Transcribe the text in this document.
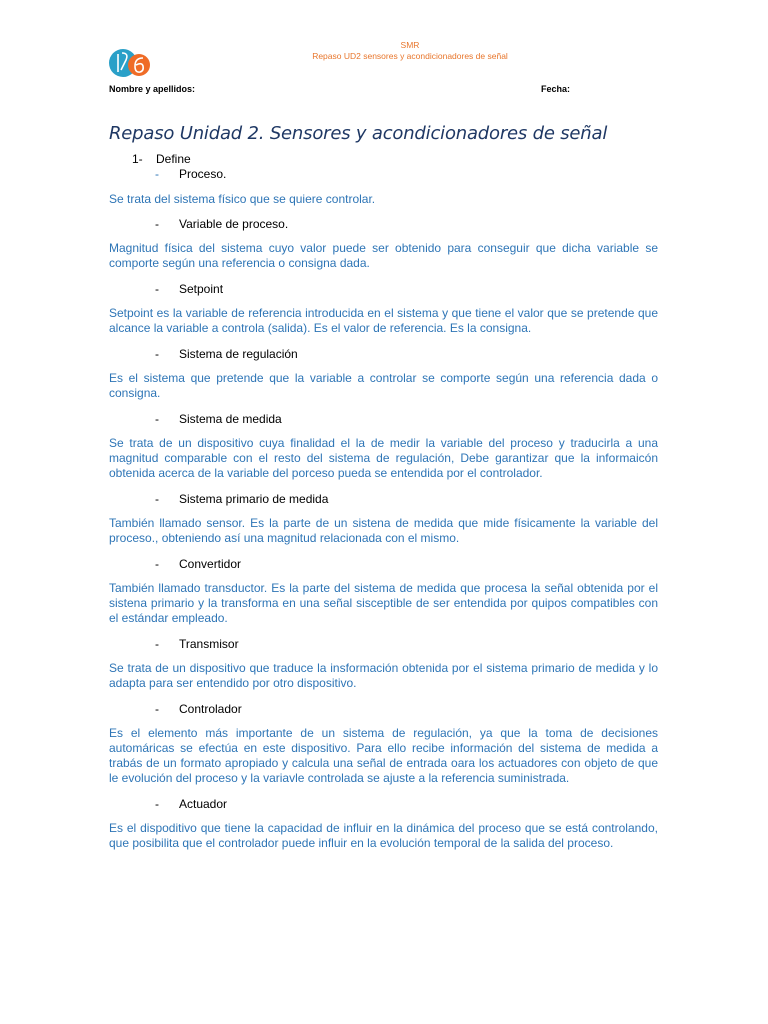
SMR
Repaso UD2 sensores y acondicionadores de señal
Nombre y apellidos:	Fecha:
Repaso Unidad 2. Sensores y acondicionadores de señal
1- Define
- Proceso.
Se trata del sistema físico que se quiere controlar.
- Variable de proceso.
Magnitud física del sistema cuyo valor puede ser obtenido para conseguir que dicha variable se comporte según una referencia o consigna dada.
- Setpoint
Setpoint es la variable de referencia introducida en el sistema y que tiene el valor que se pretende que alcance la variable a controla (salida). Es el valor de referencia. Es la consigna.
- Sistema de regulación
Es el sistema que pretende que la variable a controlar se comporte según una referencia dada o consigna.
- Sistema de medida
Se trata de un dispositivo cuya finalidad el la de medir la variable del proceso y traducirla a una magnitud comparable con el resto del sistema de regulación, Debe garantizar que la informaicón obtenida acerca de la variable del porceso pueda se entendida por el controlador.
- Sistema primario de medida
También llamado sensor. Es la parte de un sistena de medida que mide físicamente la variable del proceso., obteniendo así una magnitud relacionada con el mismo.
- Convertidor
También llamado transductor. Es la parte del sistema de medida que procesa la señal obtenida por el sistena primario y la transforma en una señal sisceptible de ser entendida por quipos compatibles con el estándar empleado.
- Transmisor
Se trata de un dispositivo que traduce la insformación obtenida por el sistema primario de medida y lo adapta para ser entendido por otro dispositivo.
- Controlador
Es el elemento más importante de un sistema de regulación, ya que la toma de decisiones automáricas se efectúa en este dispositivo. Para ello recibe información del sistema de medida a trabás de un formato apropiado y calcula una señal de entrada oara los actuadores con objeto de que le evolución del proceso y la variavle controlada se ajuste a la referencia suministrada.
- Actuador
Es el dispoditivo que tiene la capacidad de influir en la dinámica del proceso que se está controlando, que posibilita que el controlador puede influir en la evolución temporal de la salida del proceso.
